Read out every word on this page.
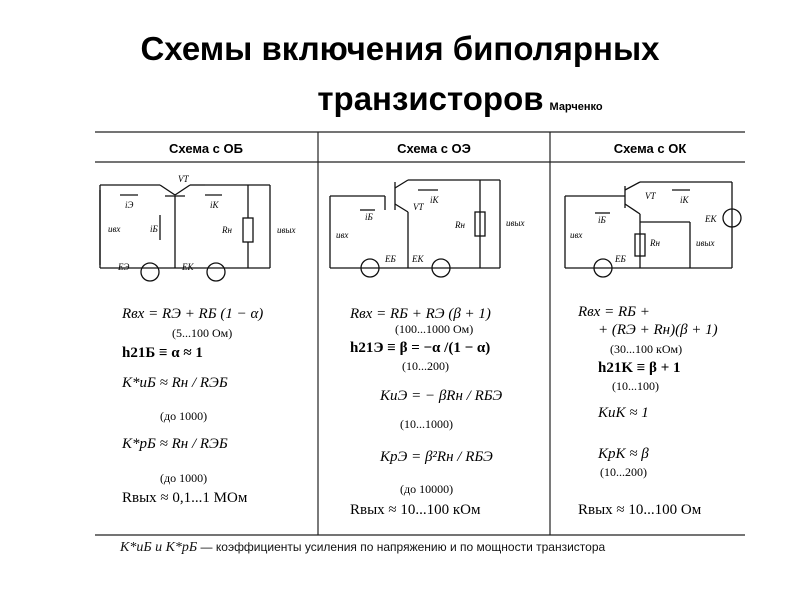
Схемы включения биполярных
транзисторов Марченко
Схема с ОБ	Схема с ОЭ	Схема с ОК
iЭ
VT
iК
uвх	iБ	Rн	uвых
EЭ	EК
VT
iК
iБ
Rн
uвх
uвых
EБ EК
VT	iК
iБ	EК
uвх
Rн	uвых
EБ
Rвх = RЭ + RБ (1 − α)
(5...100 Ом)
h21Б ≡ α ≈ 1
K*uБ ≈ Rн / RЭБ
(до 1000)
K*pБ ≈ Rн / RЭБ
(до 1000)
Rвых ≈ 0,1...1 МОм
Rвх = RБ + RЭ (β + 1)
(100...1000 Ом)
h21Э ≡ β = −α /(1 − α)
(10...200)
KuЭ = − βRн / RБЭ
(10...1000)
KpЭ = β²Rн / RБЭ
(до 10000)
Rвых ≈ 10...100 кОм
Rвх = RБ +
+ (RЭ + Rн)(β + 1)
(30...100 кОм)
h21K ≡ β + 1
(10...100)
KuK ≈ 1
KpK ≈ β
(10...200)
Rвых ≈ 10...100 Ом
K*uБ и K*pБ — коэффициенты усиления по напряжению и по мощности транзистора
